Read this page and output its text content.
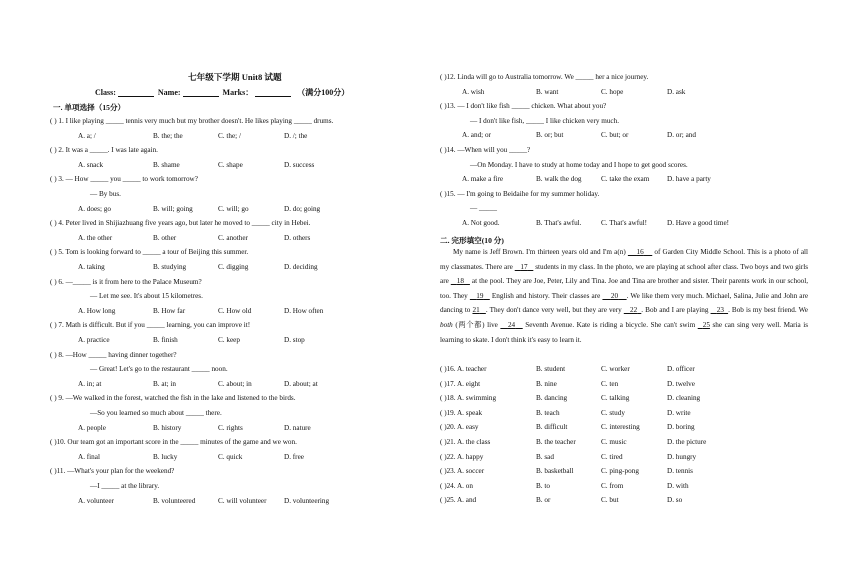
七年级下学期 Unit8 试题
Class:	Name:	Marks：	（满分100分）
一. 单项选择（15分）
( ) 1. I like playing _____ tennis very much but my brother doesn't. He likes playing _____ drums.
A. a; /	B. the; the	C. the; /	D. /; the
( ) 2. It was a _____. I was late again.
A. snack	B. shame	C. shape	D. success
( ) 3. — How _____ you _____ to work tomorrow?
— By bus.
A. does; go	B. will; going	C. will; go	D. do; going
( ) 4. Peter lived in Shijiazhuang five years ago, but later he moved to _____ city in Hebei.
A. the other	B. other	C. another	D. others
( ) 5. Tom is looking forward to _____ a tour of Beijing this summer.
A. taking	B. studying	C. digging	D. deciding
( ) 6. —_____ is it from here to the Palace Museum?
— Let me see. It's about 15 kilometres.
A. How long	B. How far	C. How old	D. How often
( ) 7. Math is difficult. But if you _____ learning, you can improve it!
A. practice	B. finish	C. keep	D. stop
( ) 8. —How _____ having dinner together?
— Great! Let's go to the restaurant _____ noon.
A. in; at	B. at; in	C. about; in	D. about; at
( ) 9. —We walked in the forest, watched the fish in the lake and listened to the birds.
—So you learned so much about _____ there.
A. people	B. history	C. rights	D. nature
( )10. Our team got an important score in the _____ minutes of the game and we won.
A. final	B. lucky	C. quick	D. free
( )11. —What's your plan for the weekend?
—I _____ at the library.
A. volunteer	B. volunteered	C. will volunteer D. volunteering
( )12. Linda will go to Australia tomorrow. We _____ her a nice journey.
A. wish	B. want	C. hope	D. ask
( )13. — I don't like fish _____ chicken. What about you?
— I don't like fish, _____ I like chicken very much.
A. and; or	B. or; but	C. but; or	D. or; and
( )14. —When will you _____?
—On Monday. I have to study at home today and I hope to get good scores.
A. make a fire	B. walk the dog	C. take the exam D. have a party
( )15. — I'm going to Beidaihe for my summer holiday.
— _____
A. Not good.	B. That's awful.	C. That's awful!	D. Have a good time!
二. 完形填空(10 分)
My name is Jeff Brown. I'm thirteen years old and I'm a(n) 16 of Garden City Middle School. This is a photo of all my classmates. There are 17 students in my class. In the photo, we are playing at school after class. Two boys and two girls are 18 at the pool. They are Joe, Peter, Lily and Tina. Joe and Tina are brother and sister. Their parents work in our school, too. They 19 English and history. Their classes are 20 . We like them very much. Michael, Salina, Julie and John are dancing to 21 . They don't dance very well, but they are very 22 . Bob and I are playing 23 . Bob is my best friend. We both (两个都) live 24 Seventh Avenue. Kate is riding a bicycle. She can't swim 25 she can sing very well. Maria is learning to skate. I don't think it's easy to learn it.
( )16. A. teacher	B. student	C. worker	D. officer
( )17. A. eight	B. nine	C. ten	D. twelve
( )18. A. swimming	B. dancing	C. talking	D. cleaning
( )19. A. speak	B. teach	C. study	D. write
( )20. A. easy	B. difficult	C. interesting	D. boring
( )21. A. the class	B. the teacher	C. music	D. the picture
( )22. A. happy	B. sad	C. tired	D. hungry
( )23. A. soccer	B. basketball	C. ping-pong	D. tennis
( )24. A. on	B. to	C. from	D. with
( )25. A. and	B. or	C. but	D. so
